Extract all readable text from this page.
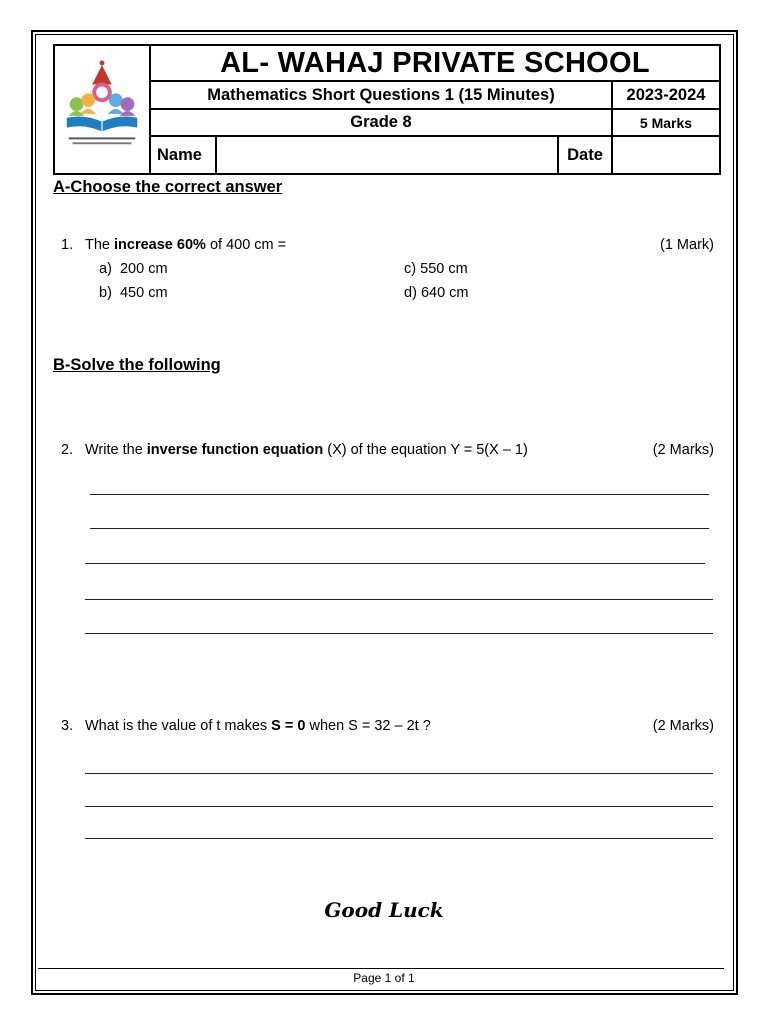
AL- WAHAJ PRIVATE SCHOOL
Mathematics Short Questions 1 (15 Minutes)	2023-2024
Grade 8	5 Marks
Name	Date
A-Choose the correct answer
1. The increase 60% of 400 cm =	(1 Mark)
a) 200 cm
b) 450 cm
c) 550 cm
d) 640 cm
B-Solve the following
2. Write the inverse function equation (X) of the equation Y = 5(X – 1)	(2 Marks)
3. What is the value of t makes S = 0 when S = 32 – 2t ?	(2 Marks)
Good Luck
Page 1 of 1
